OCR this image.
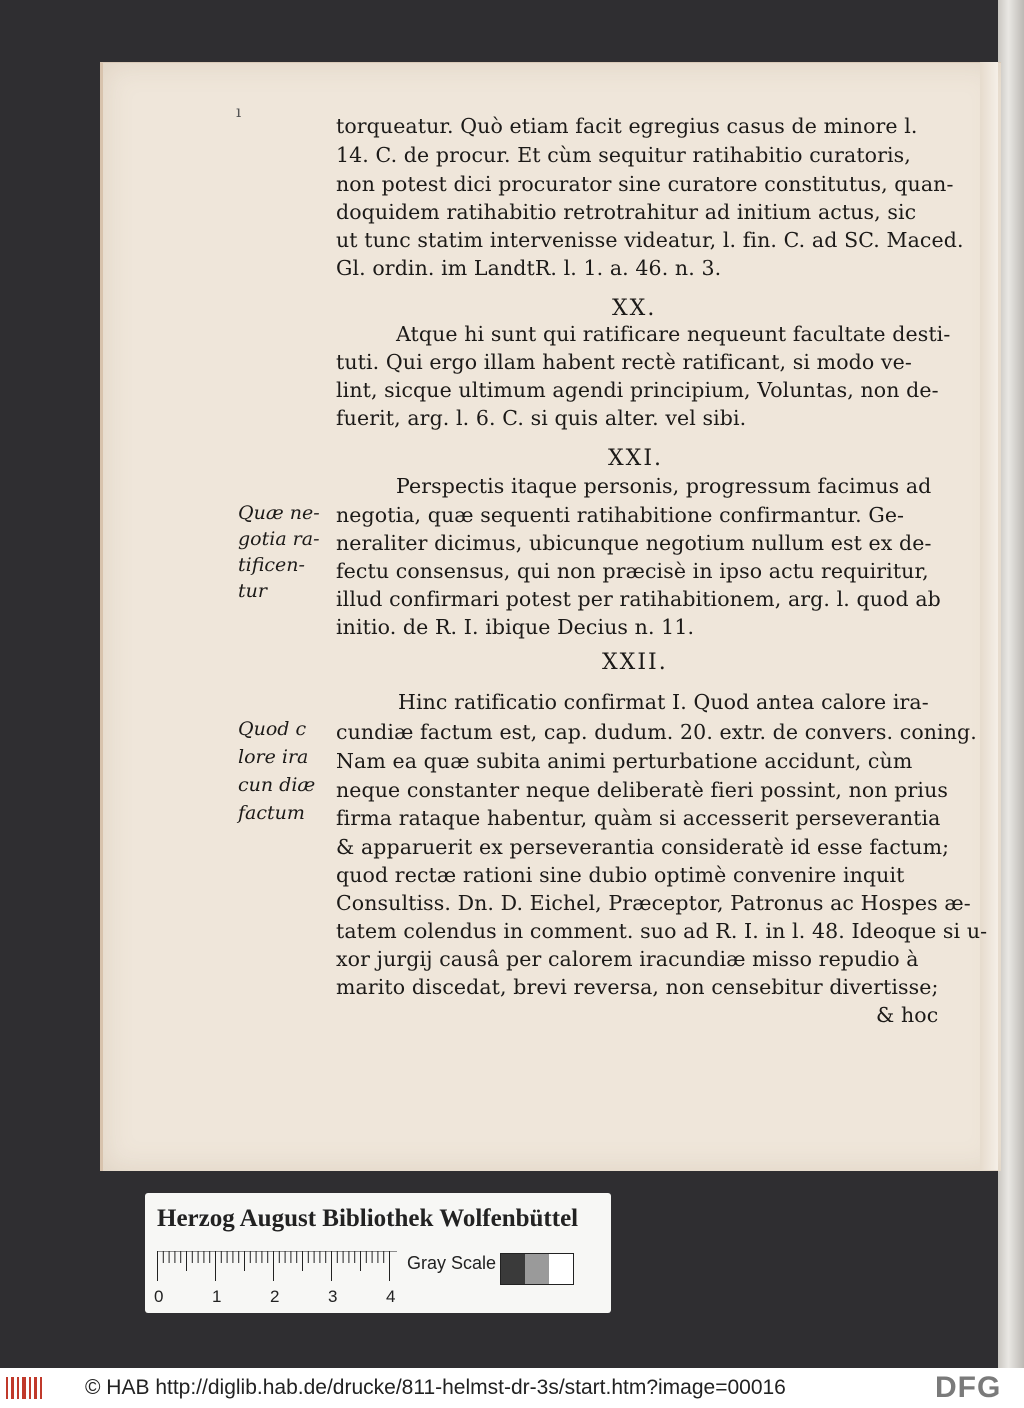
ı
torqueatur. Quò etiam facit egregius casus de minore l.
14. C. de procur. Et cùm sequitur ratihabitio curatoris,
non potest dici procurator sine curatore constitutus, quan-
doquidem ratihabitio retrotrahitur ad initium actus, sic
ut tunc statim intervenisse videatur, l. fin. C. ad SC. Maced.
Gl. ordin. im LandtR. l. 1. a. 46. n. 3.
XX.
Atque hi sunt qui ratificare nequeunt facultate desti-
tuti. Qui ergo illam habent rectè ratificant, si modo ve-
lint, sicque ultimum agendi principium, Voluntas, non de-
fuerit, arg. l. 6. C. si quis alter. vel sibi.
XXI.
Perspectis itaque personis, progressum facimus ad
negotia, quæ sequenti ratihabitione confirmantur. Ge-
neraliter dicimus, ubicunque negotium nullum est ex de-
fectu consensus, qui non præcisè in ipso actu requiritur,
illud confirmari potest per ratihabitionem, arg. l. quod ab
initio. de R. I. ibique Decius n. 11.
Quæ ne-
gotia ra-
tificen-
tur
XXII.
Hinc ratificatio confirmat I. Quod antea calore ira-
cundiæ factum est, cap. dudum. 20. extr. de convers. coning.
Nam ea quæ subita animi perturbatione accidunt, cùm
neque constanter neque deliberatè fieri possint, non prius
firma rataque habentur, quàm si accesserit perseverantia
& apparuerit ex perseverantia consideratè id esse factum;
quod rectæ rationi sine dubio optimè convenire inquit
Consultiss. Dn. D. Eichel, Præceptor, Patronus ac Hospes æ-
tatem colendus in comment. suo ad R. I. in l. 48. Ideoque si u-
xor jurgij causâ per calorem iracundiæ misso repudio à
marito discedat, brevi reversa, non censebitur divertisse;
& hoc
Quod c
lore ira
cun diæ
factum
Herzog August Bibliothek Wolfenbüttel
0	1	2	3	4
Gray Scale
© HAB http://diglib.hab.de/drucke/811-helmst-dr-3s/start.htm?image=00016	DFG
